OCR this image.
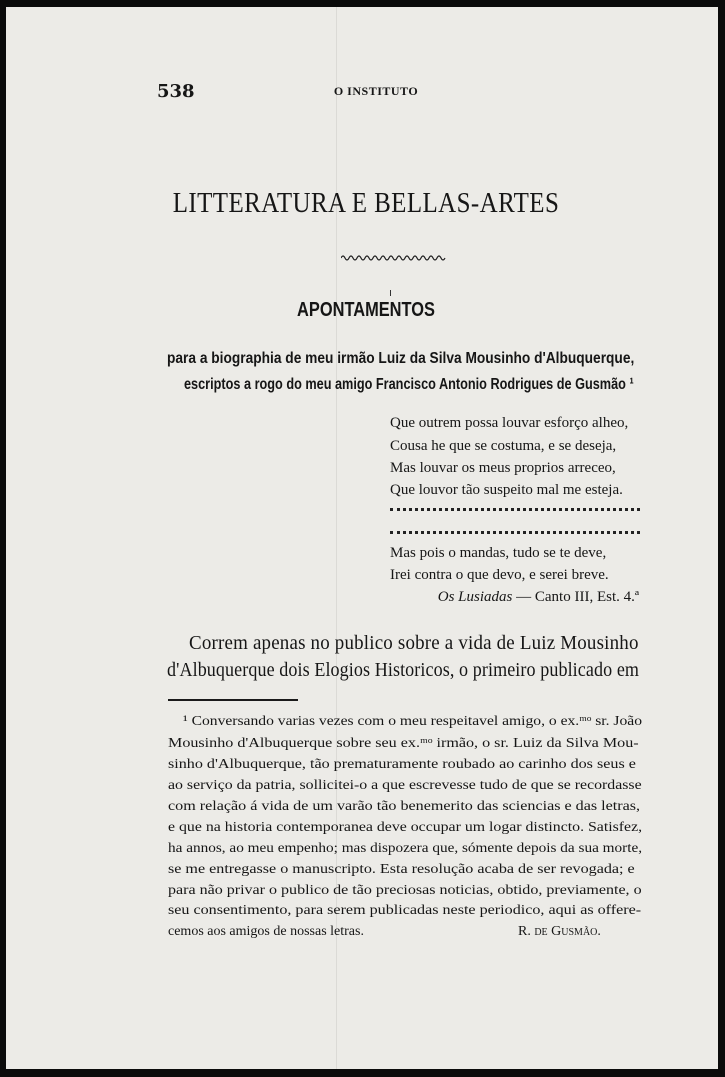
538	O INSTITUTO
LITTERATURA E BELLAS-ARTES
APONTAMENTOS
para a biographia de meu irmão Luiz da Silva Mousinho d'Albuquerque,
escriptos a rogo do meu amigo Francisco Antonio Rodrigues de Gusmão ¹
Que outrem possa louvar esforço alheo,
Cousa he que se costuma, e se deseja,
Mas louvar os meus proprios arreceo,
Que louvor tão suspeito mal me esteja.
Mas pois o mandas, tudo se te deve,
Irei contra o que devo, e serei breve.
Os Lusiadas — Canto III, Est. 4.ª
Correm apenas no publico sobre a vida de Luiz Mousinho
d'Albuquerque dois Elogios Historicos, o primeiro publicado em
¹ Conversando varias vezes com o meu respeitavel amigo, o ex.ᵐᵒ sr. João
Mousinho d'Albuquerque sobre seu ex.ᵐᵒ irmão, o sr. Luiz da Silva Mou-
sinho d'Albuquerque, tão prematuramente roubado ao carinho dos seus e
ao serviço da patria, sollicitei-o a que escrevesse tudo de que se recordasse
com relação á vida de um varão tão benemerito das sciencias e das letras,
e que na historia contemporanea deve occupar um logar distincto. Satisfez,
ha annos, ao meu empenho; mas dispozera que, sómente depois da sua morte,
se me entregasse o manuscripto. Esta resolução acaba de ser revogada; e
para não privar o publico de tão preciosas noticias, obtido, previamente, o
seu consentimento, para serem publicadas neste periodico, aqui as offere-
cemos aos amigos de nossas letras.	R. de Gusmão.
